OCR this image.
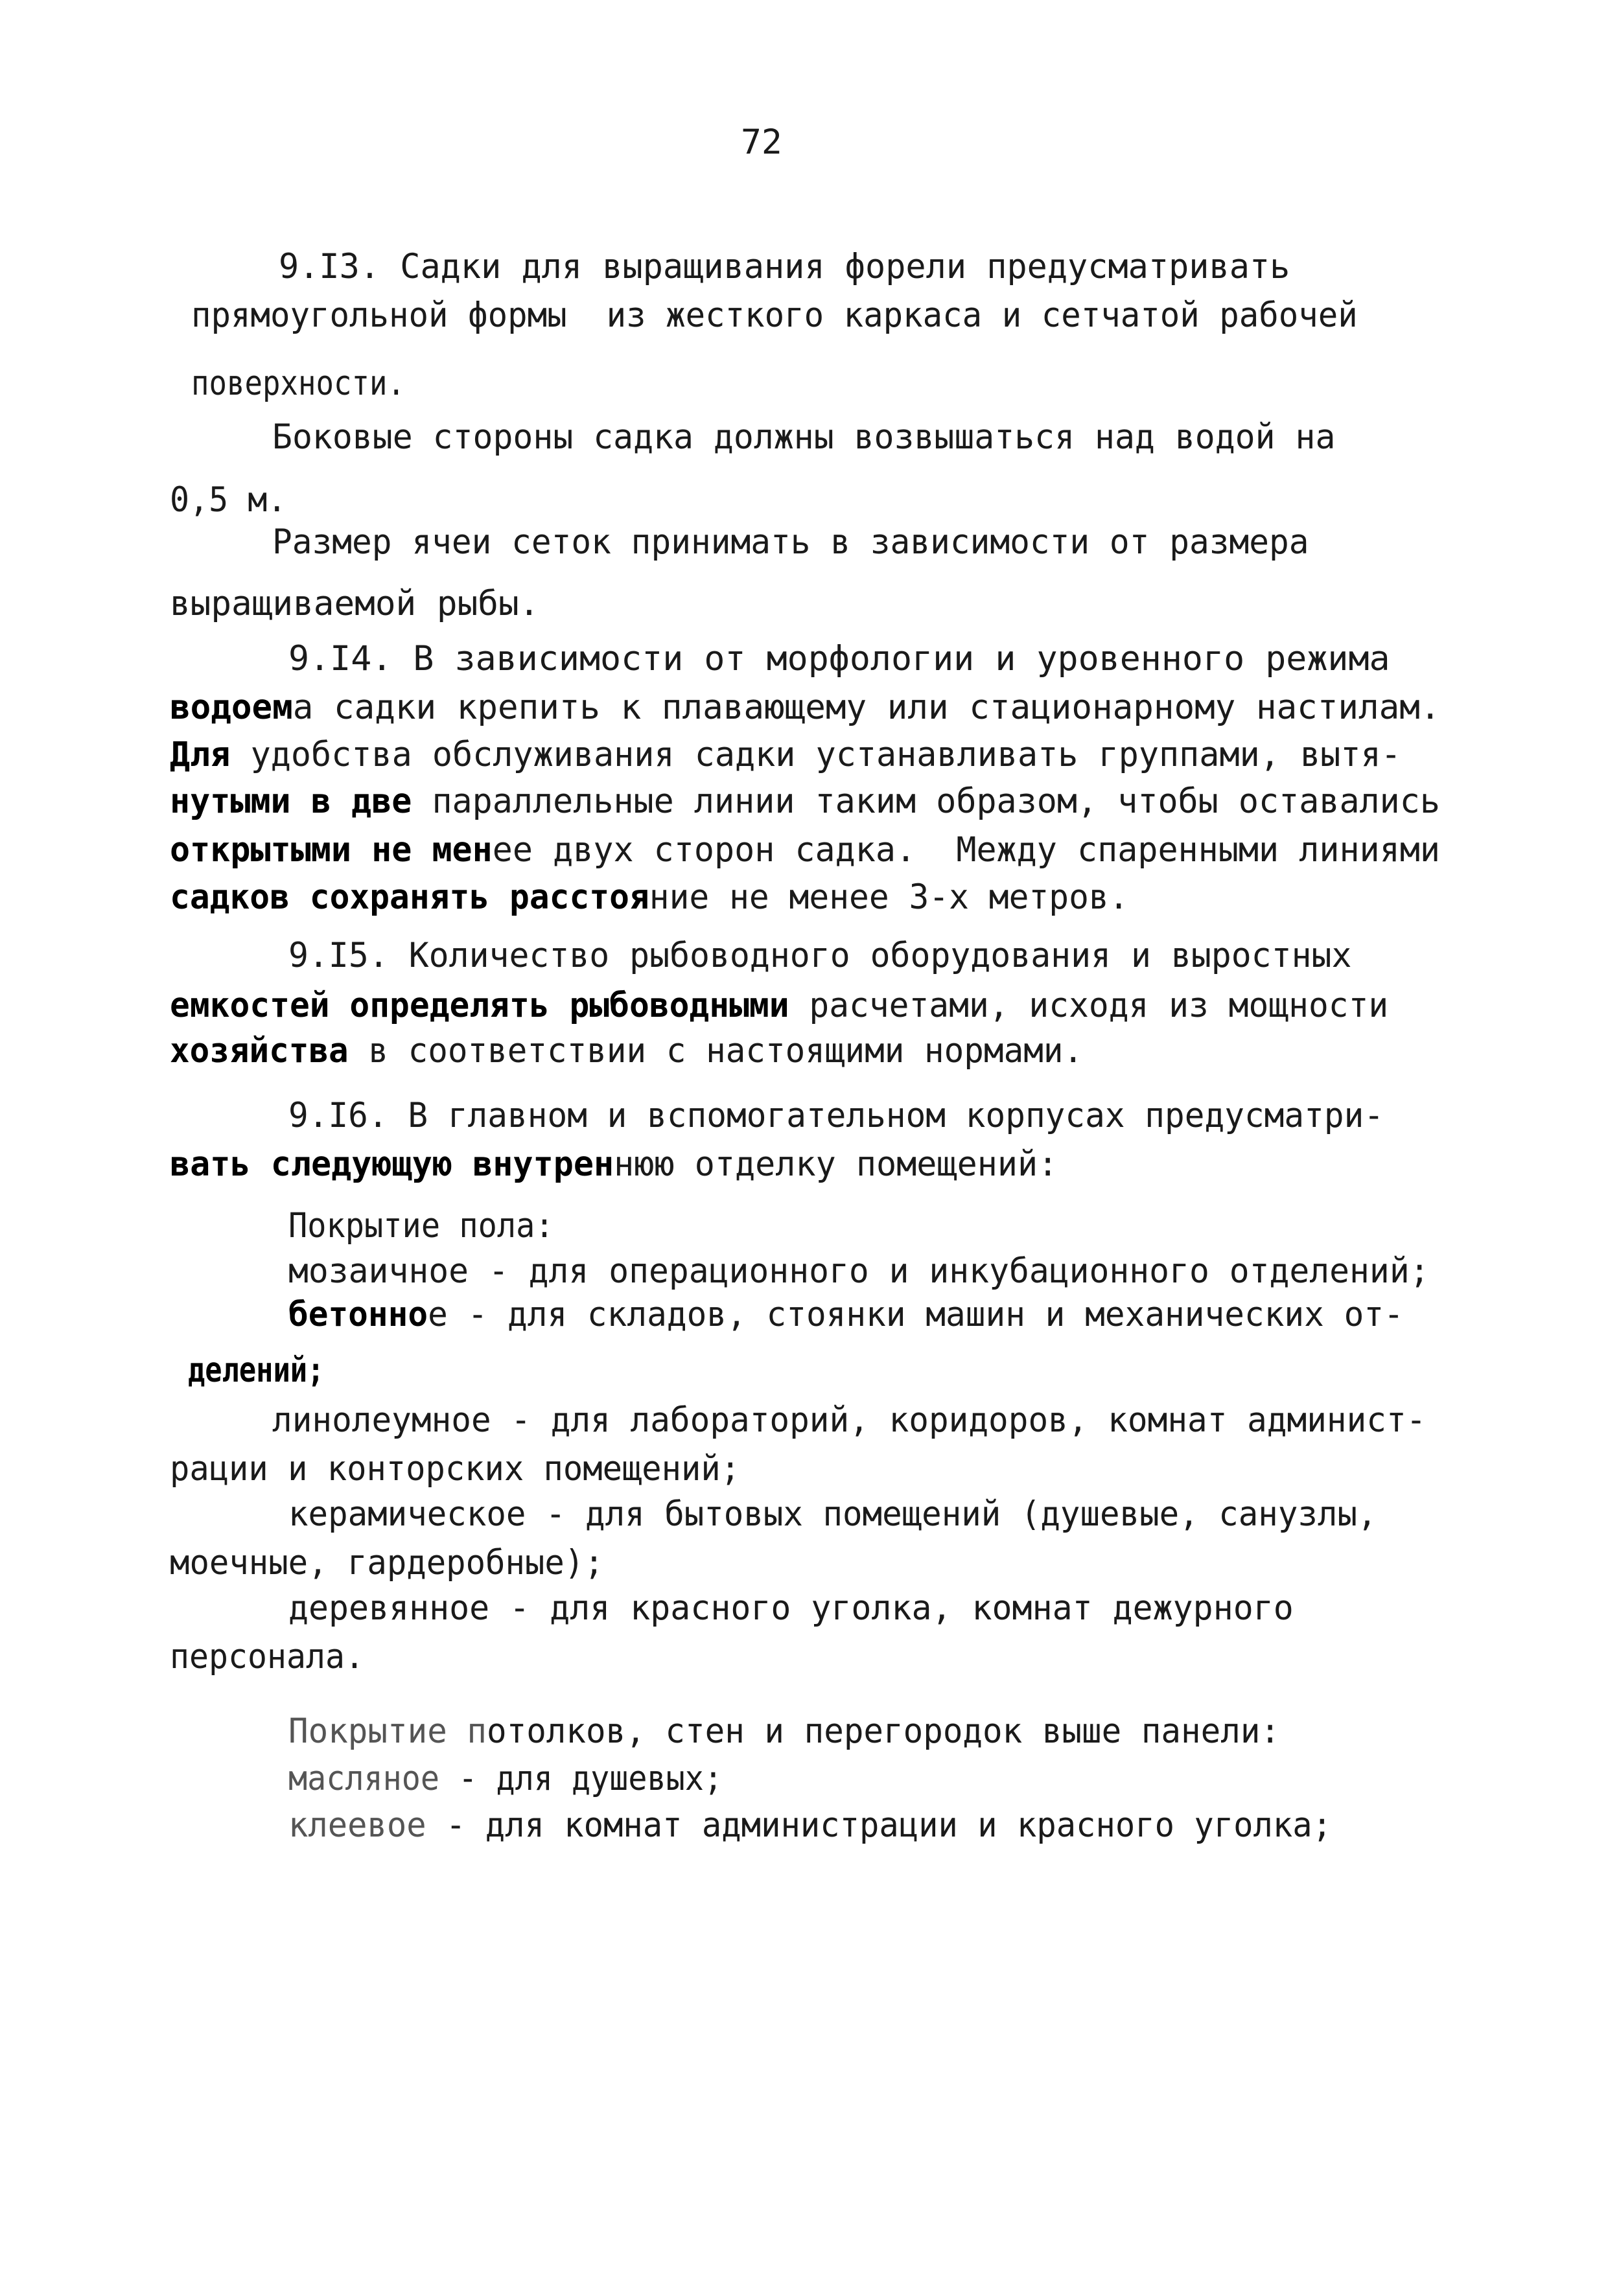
72
9.I3. Садки для выращивания форели предусматривать
прямоугольной формы  из жесткого каркаса и сетчатой рабочей
поверхности.
Боковые стороны садка должны возвышаться над водой на
0,5 м.
Размер ячеи сеток принимать в зависимости от размера
выращиваемой рыбы.
9.I4. В зависимости от морфологии и уровенного режима
водоема садки крепить к плавающему или стационарному настилам.
Для удобства обслуживания садки устанавливать группами, вытя-
нутыми в две параллельные линии таким образом, чтобы оставались
открытыми не менее двух сторон садка.  Между спаренными линиями
садков сохранять расстояние не менее 3-х метров.
9.I5. Количество рыбоводного оборудования и выростных
емкостей определять рыбоводными расчетами, исходя из мощности
хозяйства в соответствии с настоящими нормами.
9.I6. В главном и вспомогательном корпусах предусматри-
вать следующую внутреннюю отделку помещений:
Покрытие пола:
мозаичное - для операционного и инкубационного отделений;
бетонное - для складов, стоянки машин и механических от-
делений;
линолеумное - для лабораторий, коридоров, комнат админист-
рации и конторских помещений;
керамическое - для бытовых помещений (душевые, санузлы,
моечные, гардеробные);
деревянное - для красного уголка, комнат дежурного
персонала.
Покрытие потолков, стен и перегородок выше панели:
масляное - для душевых;
клеевое - для комнат администрации и красного уголка;
